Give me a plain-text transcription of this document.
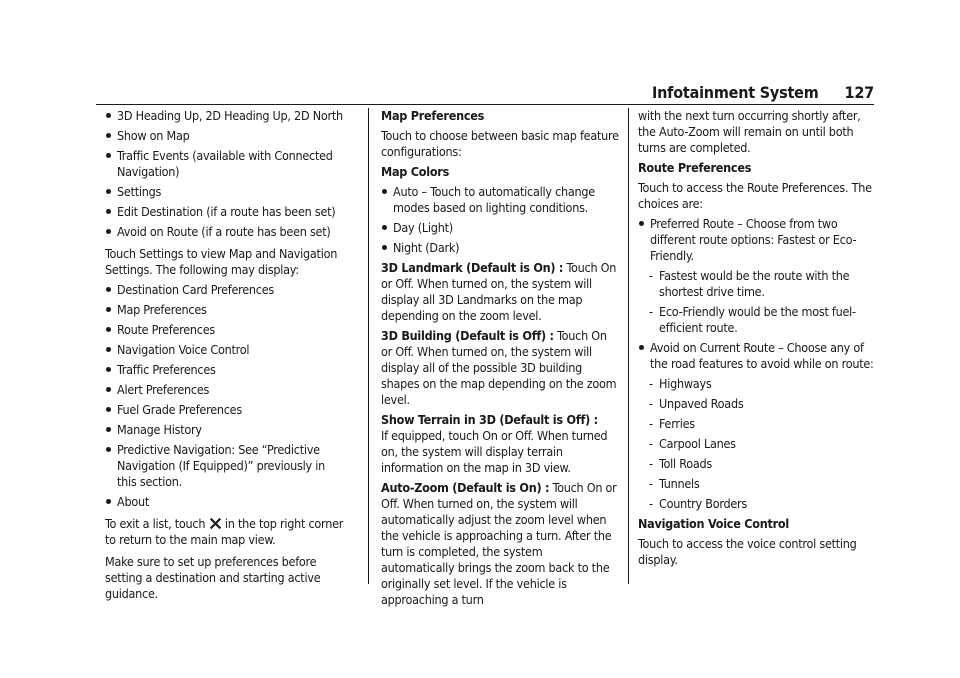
Infotainment System 127
3D Heading Up, 2D Heading Up, 2D North
Show on Map
Traffic Events (available with Connected Navigation)
Settings
Edit Destination (if a route has been set)
Avoid on Route (if a route has been set)

Touch Settings to view Map and Navigation Settings. The following may display:

Destination Card Preferences
Map Preferences
Route Preferences
Navigation Voice Control
Traffic Preferences
Alert Preferences
Fuel Grade Preferences
Manage History
Predictive Navigation: See “Predictive Navigation (If Equipped)” previously in this section.
About

To exit a list, touch in the top right corner to return to the main map view.

Make sure to set up preferences before setting a destination and starting active guidance.

Map Preferences

Touch to choose between basic map feature configurations:

Map Colors

Auto – Touch to automatically change modes based on lighting conditions.
Day (Light)
Night (Dark)

3D Landmark (Default is On) : Touch On or Off. When turned on, the system will display all 3D Landmarks on the map depending on the zoom level.

3D Building (Default is Off) : Touch On or Off. When turned on, the system will display all of the possible 3D building shapes on the map depending on the zoom level.

Show Terrain in 3D (Default is Off) :
If equipped, touch On or Off. When turned on, the system will display terrain information on the map in 3D view.

Auto-Zoom (Default is On) : Touch On or Off. When turned on, the system will automatically adjust the zoom level when the vehicle is approaching a turn. After the turn is completed, the system automatically brings the zoom back to the originally set level. If the vehicle is approaching a turn

with the next turn occurring shortly after, the Auto-Zoom will remain on until both turns are completed.

Route Preferences

Touch to access the Route Preferences. The choices are:

Preferred Route – Choose from two different route options: Fastest or Eco-Friendly.
- Fastest would be the route with the shortest drive time.
- Eco-Friendly would be the most fuel-efficient route.
Avoid on Current Route – Choose any of the road features to avoid while on route:
- Highways
- Unpaved Roads
- Ferries
- Carpool Lanes
- Toll Roads
- Tunnels
- Country Borders

Navigation Voice Control

Touch to access the voice control setting display.
